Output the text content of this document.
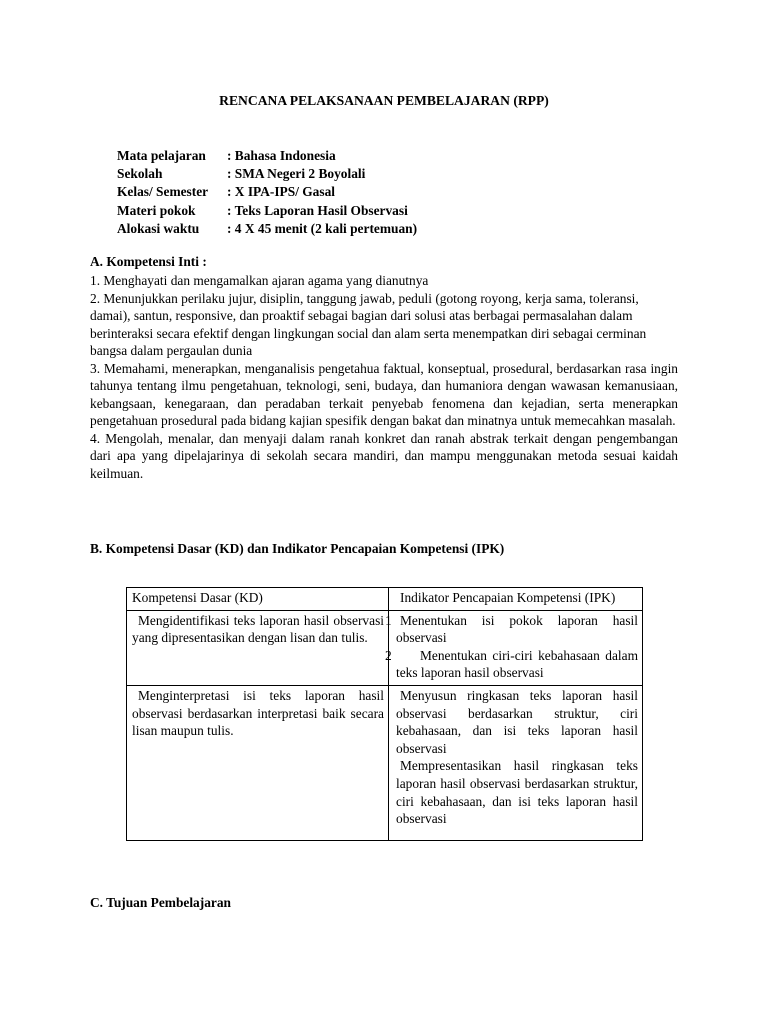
RENCANA PELAKSANAAN PEMBELAJARAN (RPP)
Mata pelajaran	: Bahasa Indonesia
Sekolah	: SMA Negeri 2 Boyolali
Kelas/ Semester	: X IPA-IPS/ Gasal
Materi pokok	: Teks Laporan Hasil Observasi
Alokasi waktu	: 4 X 45 menit (2 kali pertemuan)
A. Kompetensi Inti :

1. Menghayati dan mengamalkan ajaran agama yang dianutnya

2. Menunjukkan perilaku jujur, disiplin, tanggung jawab, peduli (gotong royong, kerja sama, toleransi, damai), santun, responsive, dan proaktif sebagai bagian dari solusi atas berbagai permasalahan dalam berinteraksi secara efektif dengan lingkungan social dan alam serta menempatkan diri sebagai cerminan bangsa dalam pergaulan dunia

3. Memahami, menerapkan, menganalisis pengetahua faktual, konseptual, prosedural, berdasarkan rasa ingin tahunya tentang ilmu pengetahuan, teknologi, seni, budaya, dan humaniora dengan wawasan kemanusiaan, kebangsaan, kenegaraan, dan peradaban terkait penyebab fenomena dan kejadian, serta menerapkan pengetahuan prosedural pada bidang kajian spesifik dengan bakat dan minatnya untuk memecahkan masalah.

4. Mengolah, menalar, dan menyaji dalam ranah konkret dan ranah abstrak terkait dengan pengembangan dari apa yang dipelajarinya di sekolah secara mandiri, dan mampu menggunakan metoda sesuai kaidah keilmuan.

B. Kompetensi Dasar (KD) dan Indikator Pencapaian Kompetensi (IPK)
Kompetensi Dasar (KD)	Indikator Pencapaian Kompetensi (IPK)

Mengidentifikasi teks laporan hasil observasi yang dipresentasikan dengan lisan dan tulis.	1 Menentukan isi pokok laporan hasil observasi

2 Menentukan ciri-ciri kebahasaan dalam teks laporan hasil observasi

Menginterpretasi isi teks laporan hasil observasi berdasarkan interpretasi baik secara lisan maupun tulis.	Menyusun ringkasan teks laporan hasil observasi berdasarkan struktur, ciri kebahasaan, dan isi teks laporan hasil observasi

Mempresentasikan hasil ringkasan teks laporan hasil observasi berdasarkan struktur, ciri kebahasaan, dan isi teks laporan hasil observasi

C. Tujuan Pembelajaran
